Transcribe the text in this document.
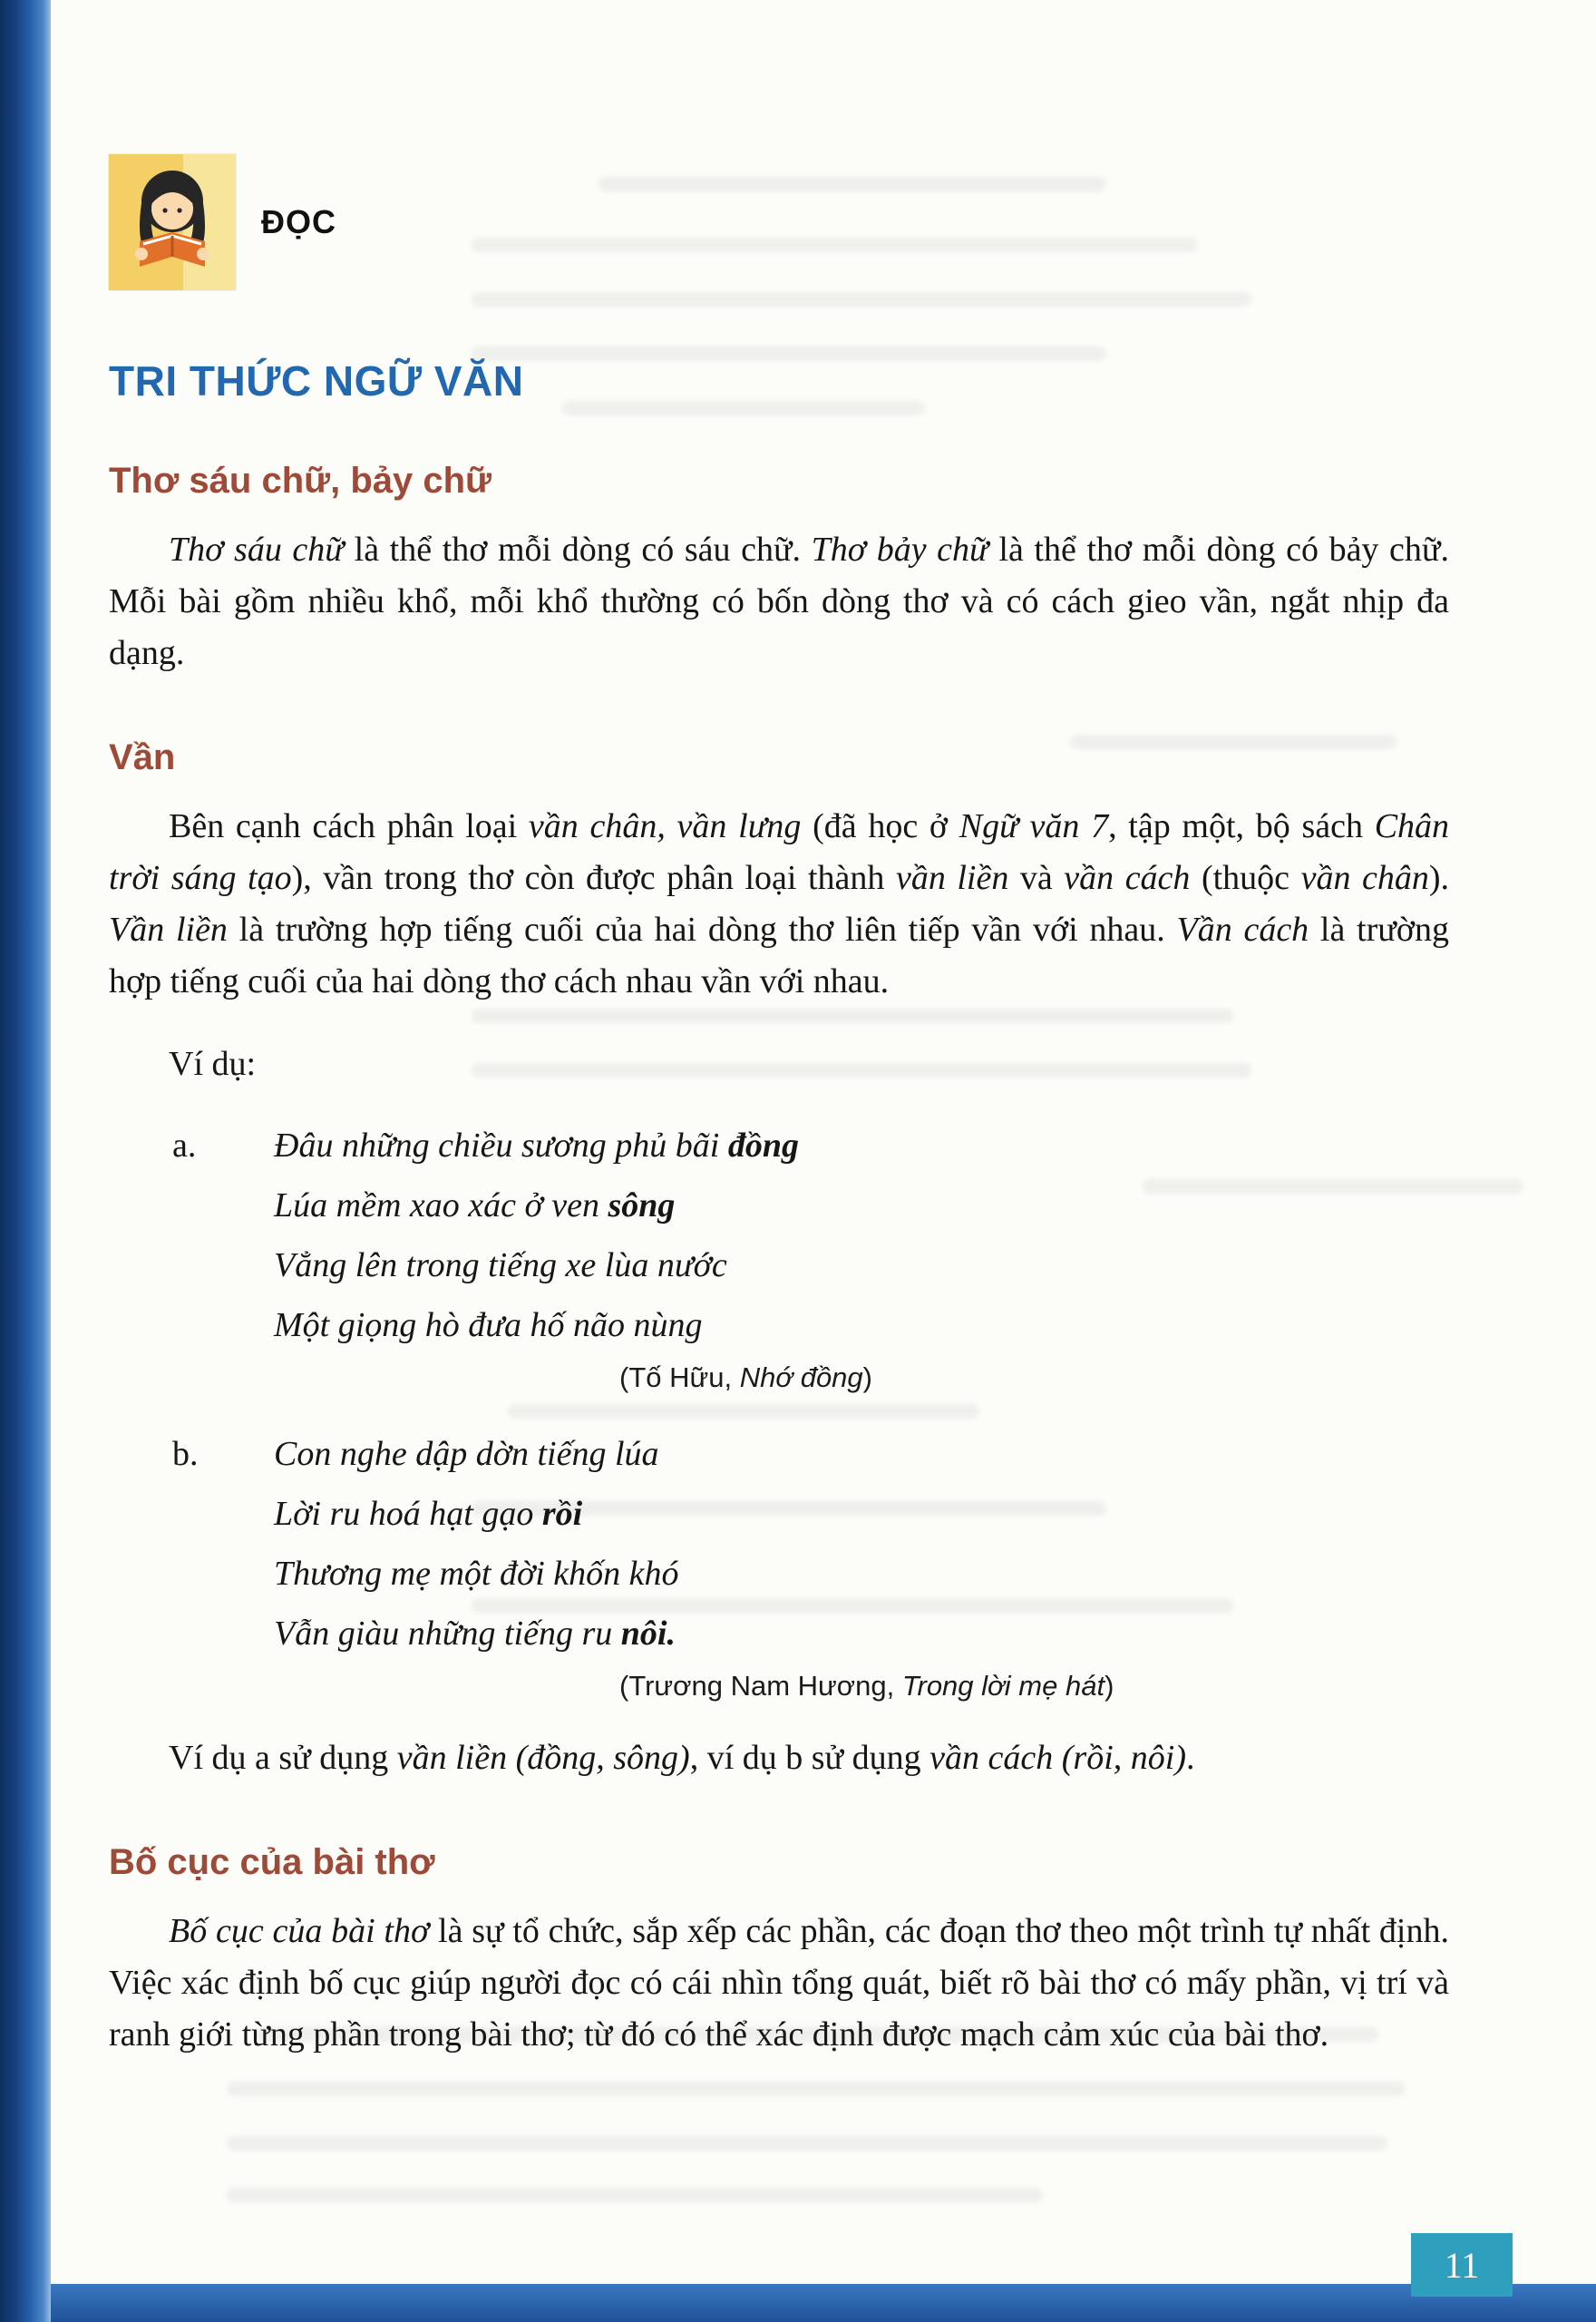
ĐỌC
TRI THỨC NGỮ VĂN
Thơ sáu chữ, bảy chữ

Thơ sáu chữ là thể thơ mỗi dòng có sáu chữ. Thơ bảy chữ là thể thơ mỗi dòng có bảy chữ. Mỗi bài gồm nhiều khổ, mỗi khổ thường có bốn dòng thơ và có cách gieo vần, ngắt nhịp đa dạng.

Vần

Bên cạnh cách phân loại vần chân, vần lưng (đã học ở Ngữ văn 7, tập một, bộ sách Chân trời sáng tạo), vần trong thơ còn được phân loại thành vần liền và vần cách (thuộc vần chân). Vần liền là trường hợp tiếng cuối của hai dòng thơ liên tiếp vần với nhau. Vần cách là trường hợp tiếng cuối của hai dòng thơ cách nhau vần với nhau.

Ví dụ:

a.	Đâu những chiều sương phủ bãi đồng
Lúa mềm xao xác ở ven sông
Vẳng lên trong tiếng xe lùa nước
Một giọng hò đưa hố não nùng
(Tố Hữu, Nhớ đồng)
b.	Con nghe dập dờn tiếng lúa
Lời ru hoá hạt gạo rồi
Thương mẹ một đời khốn khó
Vẫn giàu những tiếng ru nôi.
(Trương Nam Hương, Trong lời mẹ hát)

Ví dụ a sử dụng vần liền (đồng, sông), ví dụ b sử dụng vần cách (rồi, nôi).

Bố cục của bài thơ

Bố cục của bài thơ là sự tổ chức, sắp xếp các phần, các đoạn thơ theo một trình tự nhất định. Việc xác định bố cục giúp người đọc có cái nhìn tổng quát, biết rõ bài thơ có mấy phần, vị trí và ranh giới từng phần trong bài thơ; từ đó có thể xác định được mạch cảm xúc của bài thơ.

11
